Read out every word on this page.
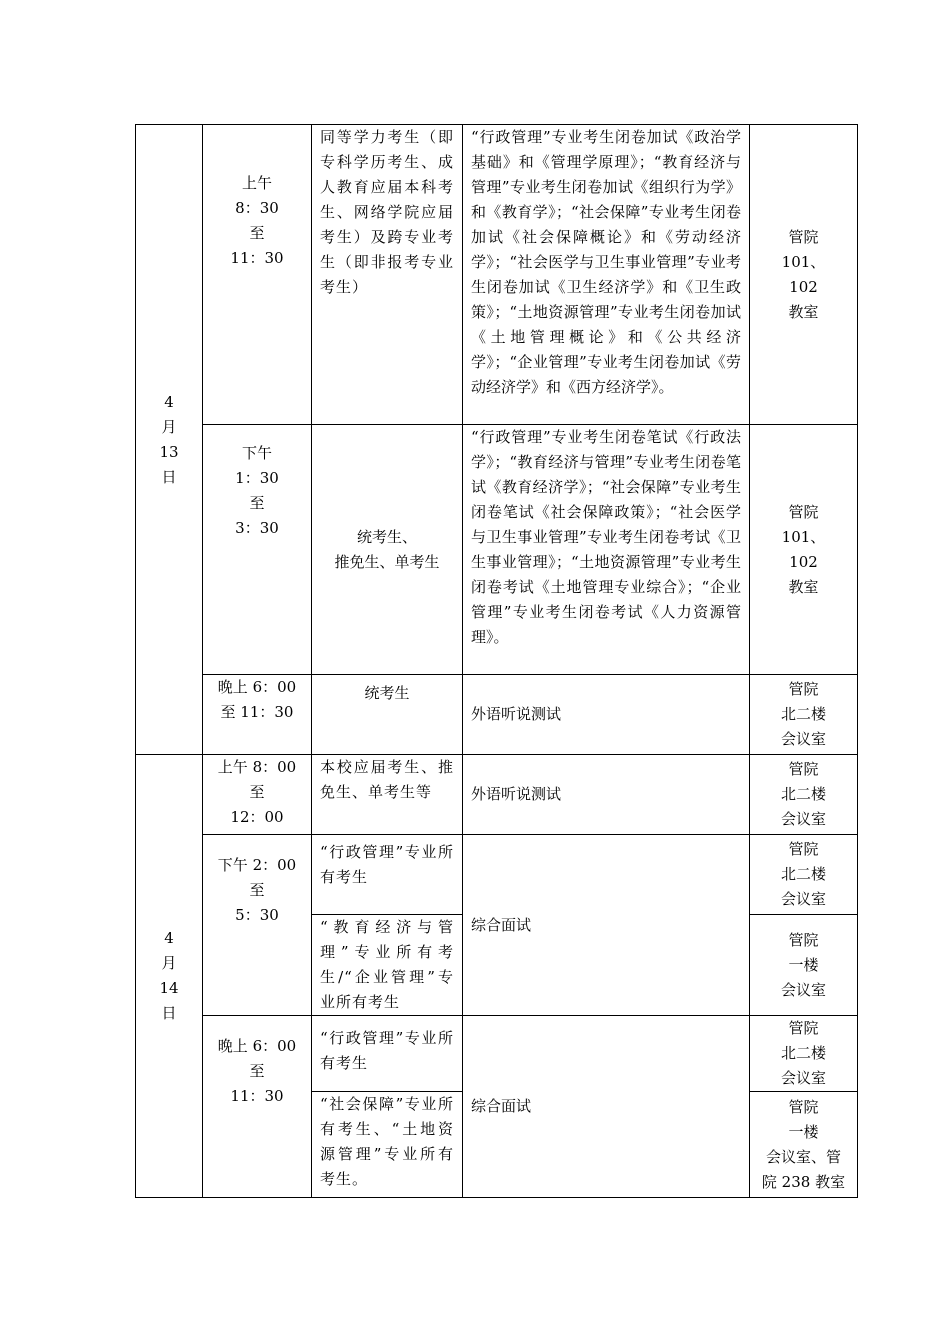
4
月
13
日	上午
8：30
至
11：30	同等学力考生（即专科学历考生、成人教育应届本科考生、网络学院应届考生）及跨专业考生（即非报考专业考生）	“行政管理”专业考生闭卷加试《政治学基础》和《管理学原理》；“教育经济与管理”专业考生闭卷加试《组织行为学》和《教育学》；“社会保障”专业考生闭卷加试《社会保障概论》和《劳动经济学》；“社会医学与卫生事业管理”专业考生闭卷加试《卫生经济学》和《卫生政策》；“土地资源管理”专业考生闭卷加试《土地管理概论》和《公共经济学》；“企业管理”专业考生闭卷加试《劳动经济学》和《西方经济学》。	管院
101、
102
教室

	下午
1：30
至
3：30	统考生、
推免生、单考生	“行政管理”专业考生闭卷笔试《行政法学》；“教育经济与管理”专业考生闭卷笔试《教育经济学》；“社会保障”专业考生闭卷笔试《社会保障政策》；“社会医学与卫生事业管理”专业考生闭卷考试《卫生事业管理》；“土地资源管理”专业考生闭卷考试《土地管理专业综合》；“企业管理”专业考生闭卷考试《人力资源管理》。	管院
101、
102
教室

	晚上 6：00
至 11：30	统考生	外语听说测试	管院
北二楼
会议室

4
月
14
日	上午 8：00
至
12：00	本校应届考生、推免生、单考生等	外语听说测试	管院
北二楼
会议室

	下午 2：00
至
5：30	“行政管理”专业所有考生	综合面试	管院
北二楼
会议室

		“教育经济与管理”专业所有考生/“企业管理”专业所有考生		管院
一楼
会议室

	晚上 6：00
至
11：30	“行政管理”专业所有考生	综合面试	管院
北二楼
会议室

		“社会保障”专业所有考生、“土地资源管理”专业所有考生。		管院
一楼
会议室、管
院 238 教室
